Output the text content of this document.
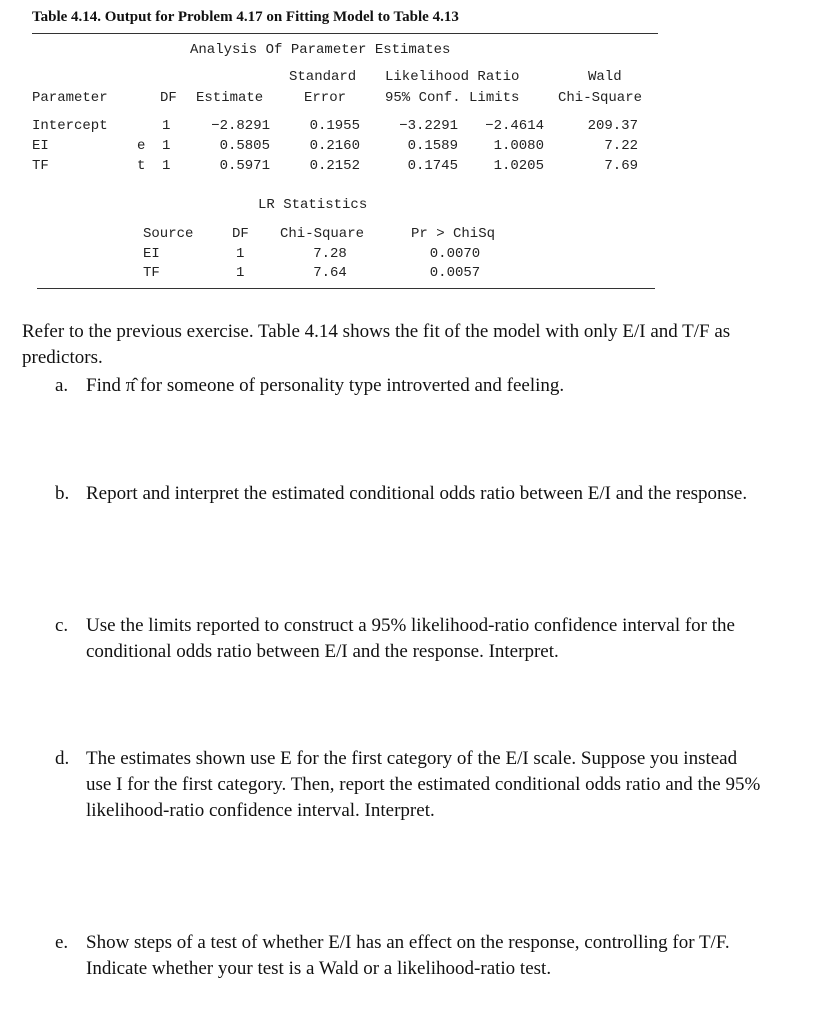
Table 4.14. Output for Problem 4.17 on Fitting Model to Table 4.13
Analysis Of Parameter Estimates
Standard Likelihood Ratio	Wald
Parameter	DF Estimate	Error	95% Conf. Limits	Chi-Square
Intercept	1	−2.8291	0.1955	−3.2291	−2.4614	209.37
EI	e 1	0.5805	0.2160	0.1589	1.0080	7.22
TF	t 1	0.5971	0.2152	0.1745	1.0205	7.69
LR Statistics
Source	DF Chi-Square	Pr > ChiSq
EI	1	7.28	0.0070
TF	1	7.64	0.0057
Refer to the previous exercise. Table 4.14 shows the fit of the model with only E/I and T/F as predictors.
a. Find π̂ for someone of personality type introverted and feeling.
b. Report and interpret the estimated conditional odds ratio between E/I and the response.
c. Use the limits reported to construct a 95% likelihood-ratio confidence interval for the conditional odds ratio between E/I and the response. Interpret.
d. The estimates shown use E for the first category of the E/I scale. Suppose you instead use I for the first category. Then, report the estimated conditional odds ratio and the 95% likelihood-ratio confidence interval. Interpret.
e. Show steps of a test of whether E/I has an effect on the response, controlling for T/F. Indicate whether your test is a Wald or a likelihood-ratio test.
